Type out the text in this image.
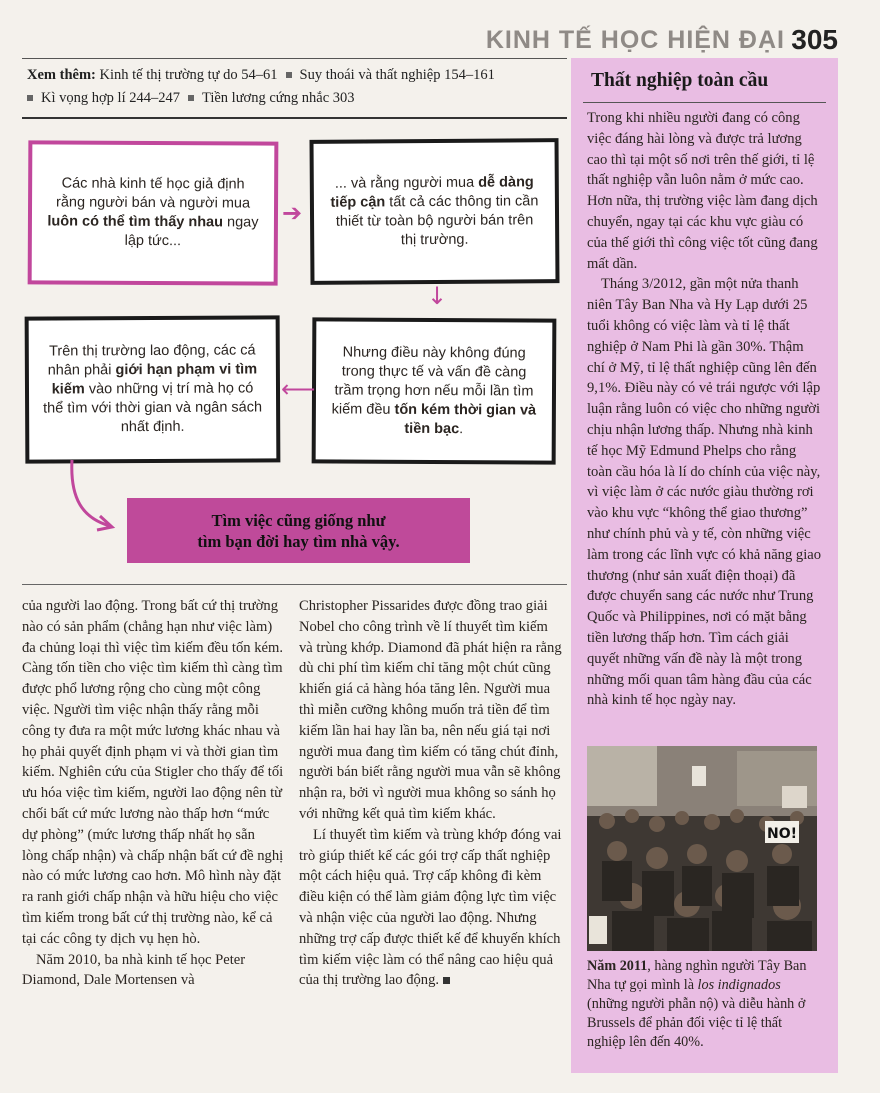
KINH TẾ HỌC HIỆN ĐẠI 305
Xem thêm: Kinh tế thị trường tự do 54–61 Suy thoái và thất nghiệp 154–161
Kì vọng hợp lí 244–247 Tiền lương cứng nhắc 303
Các nhà kinh tế học giả định rằng người bán và người mua luôn có thể tìm thấy nhau ngay lập tức...
➔
... và rằng người mua dễ dàng tiếp cận tất cả các thông tin cần thiết từ toàn bộ người bán trên thị trường.
↓
Nhưng điều này không đúng trong thực tế và vấn đề càng trầm trọng hơn nếu mỗi lần tìm kiếm đều tốn kém thời gian và tiền bạc.
⟵
Trên thị trường lao động, các cá nhân phải giới hạn phạm vi tìm kiếm vào những vị trí mà họ có thể tìm với thời gian và ngân sách nhất định.
Tìm việc cũng giống như
tìm bạn đời hay tìm nhà vậy.

của người lao động. Trong bất cứ thị trường nào có sản phẩm (chẳng hạn như việc làm) đa chủng loại thì việc tìm kiếm đều tốn kém. Càng tốn tiền cho việc tìm kiếm thì càng tìm được phổ lương rộng cho cùng một công việc. Người tìm việc nhận thấy rằng mỗi công ty đưa ra một mức lương khác nhau và họ phải quyết định phạm vi và thời gian tìm kiếm. Nghiên cứu của Stigler cho thấy để tối ưu hóa việc tìm kiếm, người lao động nên từ chối bất cứ mức lương nào thấp hơn “mức dự phòng” (mức lương thấp nhất họ sẵn lòng chấp nhận) và chấp nhận bất cứ đề nghị nào có mức lương cao hơn. Mô hình này đặt ra ranh giới chấp nhận và hữu hiệu cho việc tìm kiếm trong bất cứ thị trường nào, kể cả tại các công ty dịch vụ hẹn hò.

Năm 2010, ba nhà kinh tế học Peter Diamond, Dale Mortensen và

Christopher Pissarides được đồng trao giải Nobel cho công trình về lí thuyết tìm kiếm và trùng khớp. Diamond đã phát hiện ra rằng dù chi phí tìm kiếm chỉ tăng một chút cũng khiến giá cả hàng hóa tăng lên. Người mua thì miễn cưỡng không muốn trả tiền để tìm kiếm lần hai hay lần ba, nên nếu giá tại nơi người mua đang tìm kiếm có tăng chút đỉnh, người bán biết rằng người mua vẫn sẽ không nhận ra, bởi vì người mua không so sánh họ với những kết quả tìm kiếm khác.

Lí thuyết tìm kiếm và trùng khớp đóng vai trò giúp thiết kế các gói trợ cấp thất nghiệp một cách hiệu quả. Trợ cấp không đi kèm điều kiện có thể làm giảm động lực tìm việc và nhận việc của người lao động. Nhưng những trợ cấp được thiết kế để khuyến khích tìm kiếm việc làm có thể nâng cao hiệu quả của thị trường lao động.

Thất nghiệp toàn cầu

Trong khi nhiều người đang có công việc đáng hài lòng và được trả lương cao thì tại một số nơi trên thế giới, tỉ lệ thất nghiệp vẫn luôn nằm ở mức cao. Hơn nữa, thị trường việc làm đang dịch chuyển, ngay tại các khu vực giàu có của thế giới thì công việc tốt cũng đang mất dần.

Tháng 3/2012, gần một nửa thanh niên Tây Ban Nha và Hy Lạp dưới 25 tuổi không có việc làm và tỉ lệ thất nghiệp ở Nam Phi là gần 30%. Thậm chí ở Mỹ, tỉ lệ thất nghiệp cũng lên đến 9,1%. Điều này có vẻ trái ngược với lập luận rằng luôn có việc cho những người chịu nhận lương thấp. Nhưng nhà kinh tế học Mỹ Edmund Phelps cho rằng toàn cầu hóa là lí do chính của việc này, vì việc làm ở các nước giàu thường rơi vào khu vực “không thể giao thương” như chính phủ và y tế, còn những việc làm trong các lĩnh vực có khả năng giao thương (như sản xuất điện thoại) đã được chuyển sang các nước như Trung Quốc và Philippines, nơi có mặt bằng tiền lương thấp hơn. Tìm cách giải quyết những vấn đề này là một trong những mối quan tâm hàng đầu của các nhà kinh tế học ngày nay.

NO!
Năm 2011, hàng nghìn người Tây Ban Nha tự gọi mình là los indignados (những người phẫn nộ) và diễu hành ở Brussels để phản đối việc tỉ lệ thất nghiệp lên đến 40%.
